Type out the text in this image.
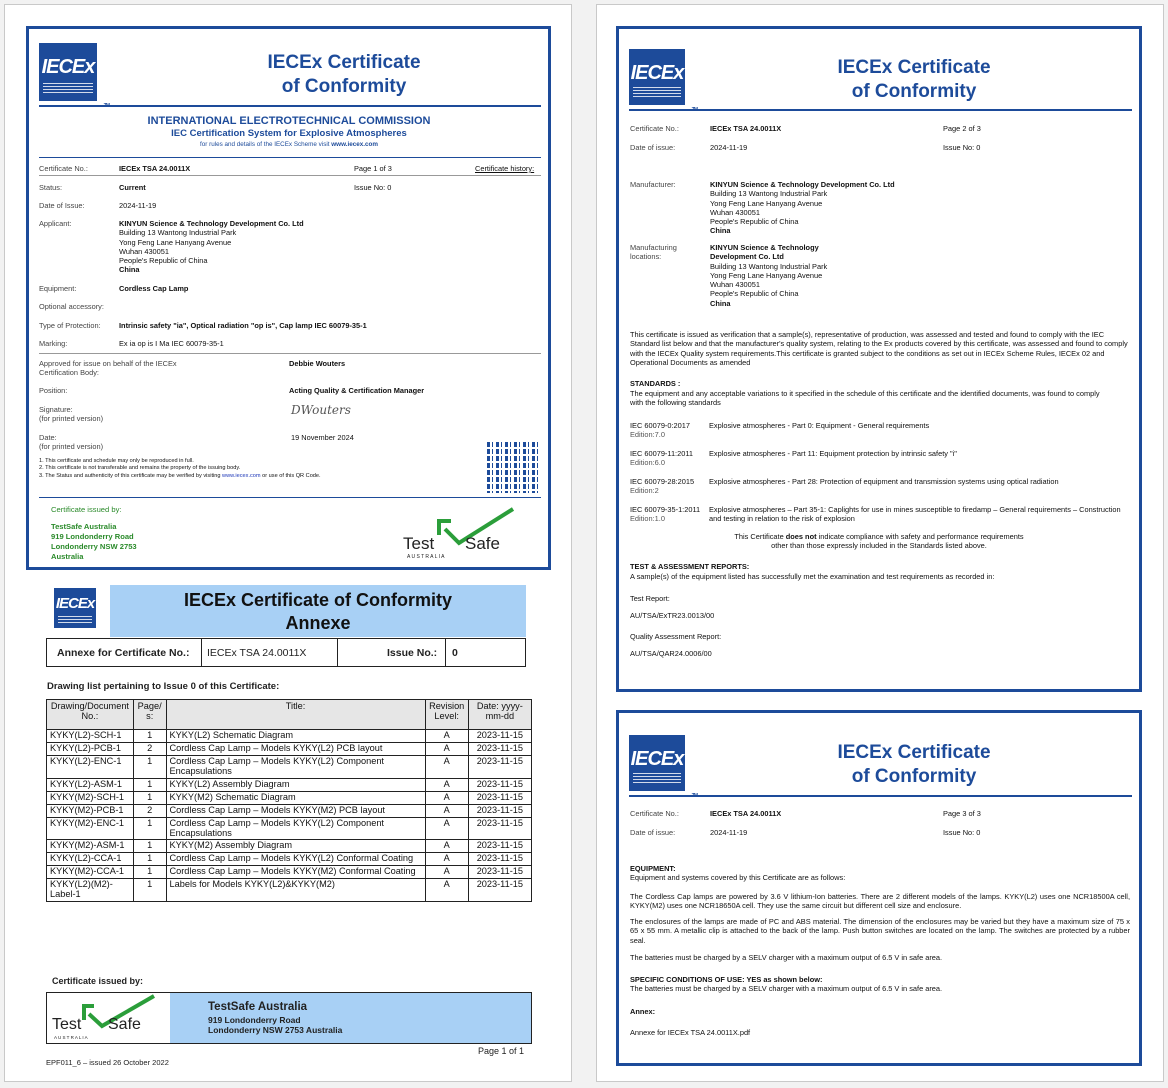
IECEx	IECEx Certificate
of Conformity
INTERNATIONAL ELECTROTECHNICAL COMMISSION
IEC Certification System for Explosive Atmospheres
for rules and details of the IECEx Scheme visit www.iecex.com
Certificate No.:	IECEx TSA 24.0011X	Page 1 of 3	Certificate history:
Status:	Current	Issue No: 0
Date of Issue:	2024-11-19
Applicant:	KINYUN Science & Technology Development Co. Ltd
Building 13 Wantong Industrial Park
Yong Feng Lane Hanyang Avenue
Wuhan 430051
People's Republic of China
China
Equipment:	Cordless Cap Lamp
Optional accessory:
Type of Protection: Intrinsic safety "ia", Optical radiation "op is", Cap lamp IEC 60079-35-1
Marking:	Ex ia op is I Ma IEC 60079-35-1
Approved for issue on behalf of the IECEx Certification Body:
Debbie Wouters
Position:	Acting Quality & Certification Manager
Signature:
(for printed version)
DWouters
Date:
(for printed version)
19 November 2024
1. This certificate and schedule may only be reproduced in full.
2. This certificate is not transferable and remains the property of the issuing body.
3. The Status and authenticity of this certificate may be verified by visiting www.iecex.com or use of this QR Code.
Certificate issued by:
TestSafe Australia
919 Londonderry Road
Londonderry NSW 2753
Australia
Test Safe
A U S T R A L I A
IECEx	IECEx Certificate of Conformity
Annexe
Annexe for Certificate No.: IECEx TSA 24.0011X	Issue No.: 0
Drawing list pertaining to Issue 0 of this Certificate:
Drawing/Document No.:	Page/ s:	Title:	Revision Level:	Date: yyyy-mm-dd
KYKY(L2)-SCH-1	1	KYKY(L2) Schematic Diagram	A	2023-11-15
KYKY(L2)-PCB-1	2	Cordless Cap Lamp – Models KYKY(L2) PCB layout	A	2023-11-15
KYKY(L2)-ENC-1	1	Cordless Cap Lamp – Models KYKY(L2) Component Encapsulations	A	2023-11-15
KYKY(L2)-ASM-1	1	KYKY(L2) Assembly Diagram	A	2023-11-15
KYKY(M2)-SCH-1	1	KYKY(M2) Schematic Diagram	A	2023-11-15
KYKY(M2)-PCB-1	2	Cordless Cap Lamp – Models KYKY(M2) PCB layout	A	2023-11-15
KYKY(M2)-ENC-1	1	Cordless Cap Lamp – Models KYKY(L2) Component Encapsulations	A	2023-11-15
KYKY(M2)-ASM-1	1	KYKY(M2) Assembly Diagram	A	2023-11-15
KYKY(L2)-CCA-1	1	Cordless Cap Lamp – Models KYKY(L2) Conformal Coating	A	2023-11-15
KYKY(M2)-CCA-1	1	Cordless Cap Lamp – Models KYKY(M2) Conformal Coating	A	2023-11-15
KYKY(L2)(M2)-Label-1	1	Labels for Models KYKY(L2)&KYKY(M2)	A	2023-11-15
Certificate issued by:
Test Safe
A U S T R A L I A
TestSafe Australia
919 Londonderry Road
Londonderry NSW 2753 Australia
Page 1 of 1
EPF011_6 – issued 26 October 2022
IECEx	IECEx Certificate
of Conformity
Certificate No.:	IECEx TSA 24.0011X	Page 2 of 3
Date of issue:	2024-11-19	Issue No: 0
Manufacturer:	KINYUN Science & Technology Development Co. Ltd
Building 13 Wantong Industrial Park
Yong Feng Lane Hanyang Avenue
Wuhan 430051
People's Republic of China
China
Manufacturing
locations:
KINYUN Science & Technology
Development Co. Ltd
Building 13 Wantong Industrial Park
Yong Feng Lane Hanyang Avenue
Wuhan 430051
People's Republic of China
China
This certificate is issued as verification that a sample(s), representative of production, was assessed and tested and found to comply with the IEC Standard list below and that the manufacturer's quality system, relating to the Ex products covered by this certificate, was assessed and found to comply with the IECEx Quality system requirements.This certificate is granted subject to the conditions as set out in IECEx Scheme Rules, IECEx 02 and Operational Documents as amended
STANDARDS :
The equipment and any acceptable variations to it specified in the schedule of this certificate and the identified documents, was found to comply with the following standards
IEC 60079-0:2017
Edition:7.0
Explosive atmospheres - Part 0: Equipment - General requirements
IEC 60079-11:2011
Edition:6.0
Explosive atmospheres - Part 11: Equipment protection by intrinsic safety "i"
IEC 60079-28:2015
Edition:2
Explosive atmospheres - Part 28: Protection of equipment and transmission systems using optical radiation
IEC 60079-35-1:2011
Edition:1.0
Explosive atmospheres – Part 35-1: Caplights for use in mines susceptible to firedamp – General requirements – Construction and testing in relation to the risk of explosion
This Certificate does not indicate compliance with safety and performance requirements
other than those expressly included in the Standards listed above.
TEST & ASSESSMENT REPORTS:
A sample(s) of the equipment listed has successfully met the examination and test requirements as recorded in:
Test Report:
AU/TSA/ExTR23.0013/00
Quality Assessment Report:
AU/TSA/QAR24.0006/00
IECEx	IECEx Certificate
of Conformity
Certificate No.:	IECEx TSA 24.0011X	Page 3 of 3
Date of issue:	2024-11-19	Issue No: 0
EQUIPMENT:
Equipment and systems covered by this Certificate are as follows:
The Cordless Cap lamps are powered by 3.6 V lithium-Ion batteries. There are 2 different models of the lamps. KYKY(L2) uses one NCR18500A cell, KYKY(M2) uses one NCR18650A cell. They use the same circuit but different cell size and enclosure.
The enclosures of the lamps are made of PC and ABS material. The dimension of the enclosures may be varied but they have a maximum size of 75 x 65 x 55 mm. A metallic clip is attached to the back of the lamp. Push button switches are located on the lamp. The switches are protected by a rubber seal.
The batteries must be charged by a SELV charger with a maximum output of 6.5 V in safe area.
SPECIFIC CONDITIONS OF USE: YES as shown below:
The batteries must be charged by a SELV charger with a maximum output of 6.5 V in safe area.
Annex:
Annexe for IECEx TSA 24.0011X.pdf
